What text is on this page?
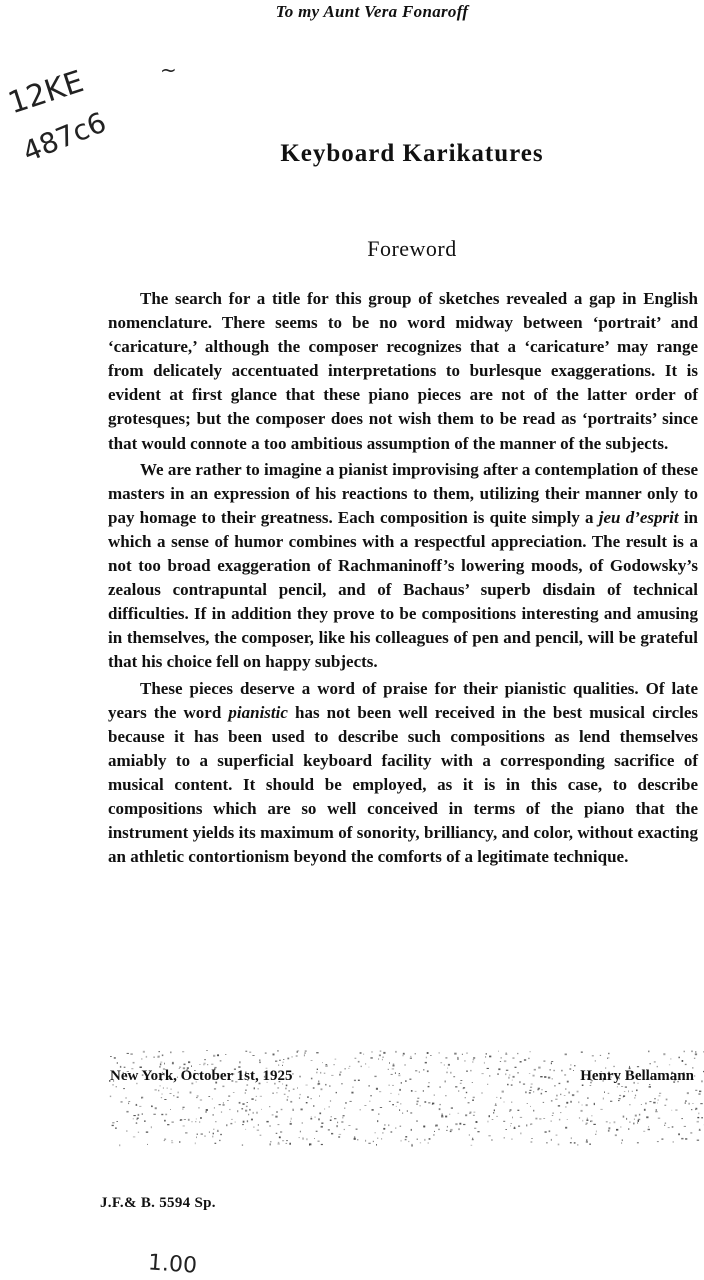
To my Aunt Vera Fonaroff
12KE
487c6
~
Keyboard Karikatures
Foreword

The search for a title for this group of sketches revealed a gap in English nomenclature. There seems to be no word midway between ‘portrait’ and ‘caricature,’ although the composer recognizes that a ‘caricature’ may range from delicately accentuated interpretations to burlesque exaggerations. It is evident at first glance that these piano pieces are not of the latter order of grotesques; but the composer does not wish them to be read as ‘portraits’ since that would connote a too ambitious assumption of the manner of the subjects.

We are rather to imagine a pianist improvising after a contemplation of these masters in an expression of his reactions to them, utilizing their manner only to pay homage to their greatness. Each composition is quite simply a jeu d’esprit in which a sense of humor combines with a respectful appreciation. The result is a not too broad exaggeration of Rachmaninoff’s lowering moods, of Godowsky’s zealous contrapuntal pencil, and of Bachaus’ superb disdain of technical difficulties. If in addition they prove to be compositions interesting and amusing in themselves, the composer, like his colleagues of pen and pencil, will be grateful that his choice fell on happy subjects.

These pieces deserve a word of praise for their pianistic qualities. Of late years the word pianistic has not been well received in the best musical circles because it has been used to describe such compositions as lend themselves amiably to a superficial keyboard facility with a corresponding sacrifice of musical content. It should be employed, as it is in this case, to describe compositions which are so well conceived in terms of the piano that the instrument yields its maximum of sonority, brilliancy, and color, without exacting an athletic contortionism beyond the comforts of a legitimate technique.

New York, October 1st, 1925	Henry Bellamann
J.F.& B. 5594 Sp.
1.00
